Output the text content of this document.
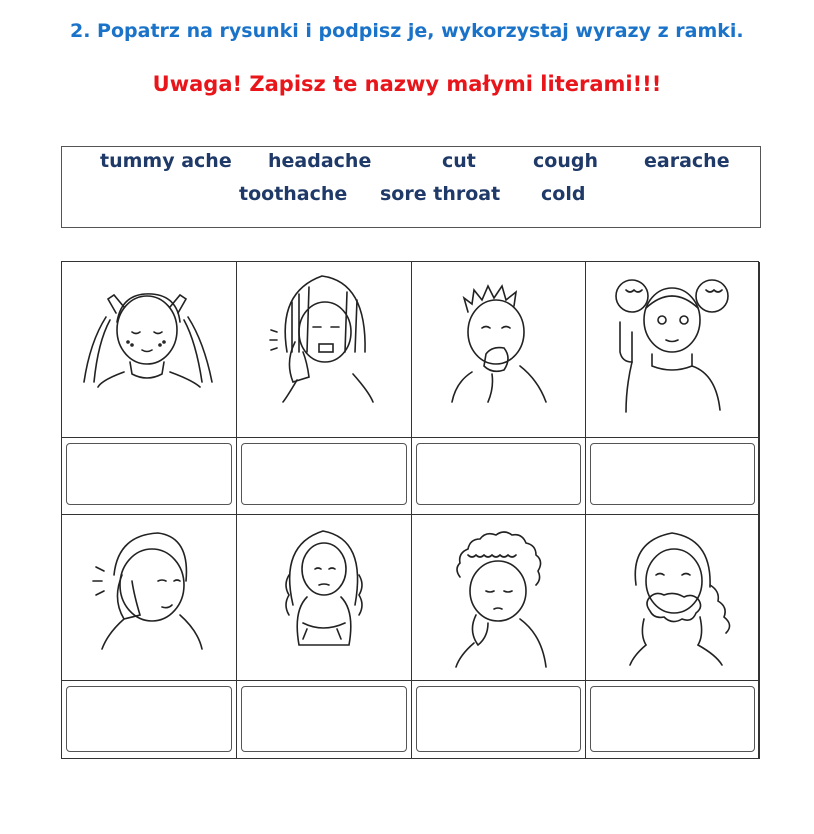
2. Popatrz na rysunki i podpisz je, wykorzystaj wyrazy z ramki.
Uwaga! Zapisz te nazwy małymi literami!!!
tummy ache headache	cut	cough earache
toothache sore throat cold
